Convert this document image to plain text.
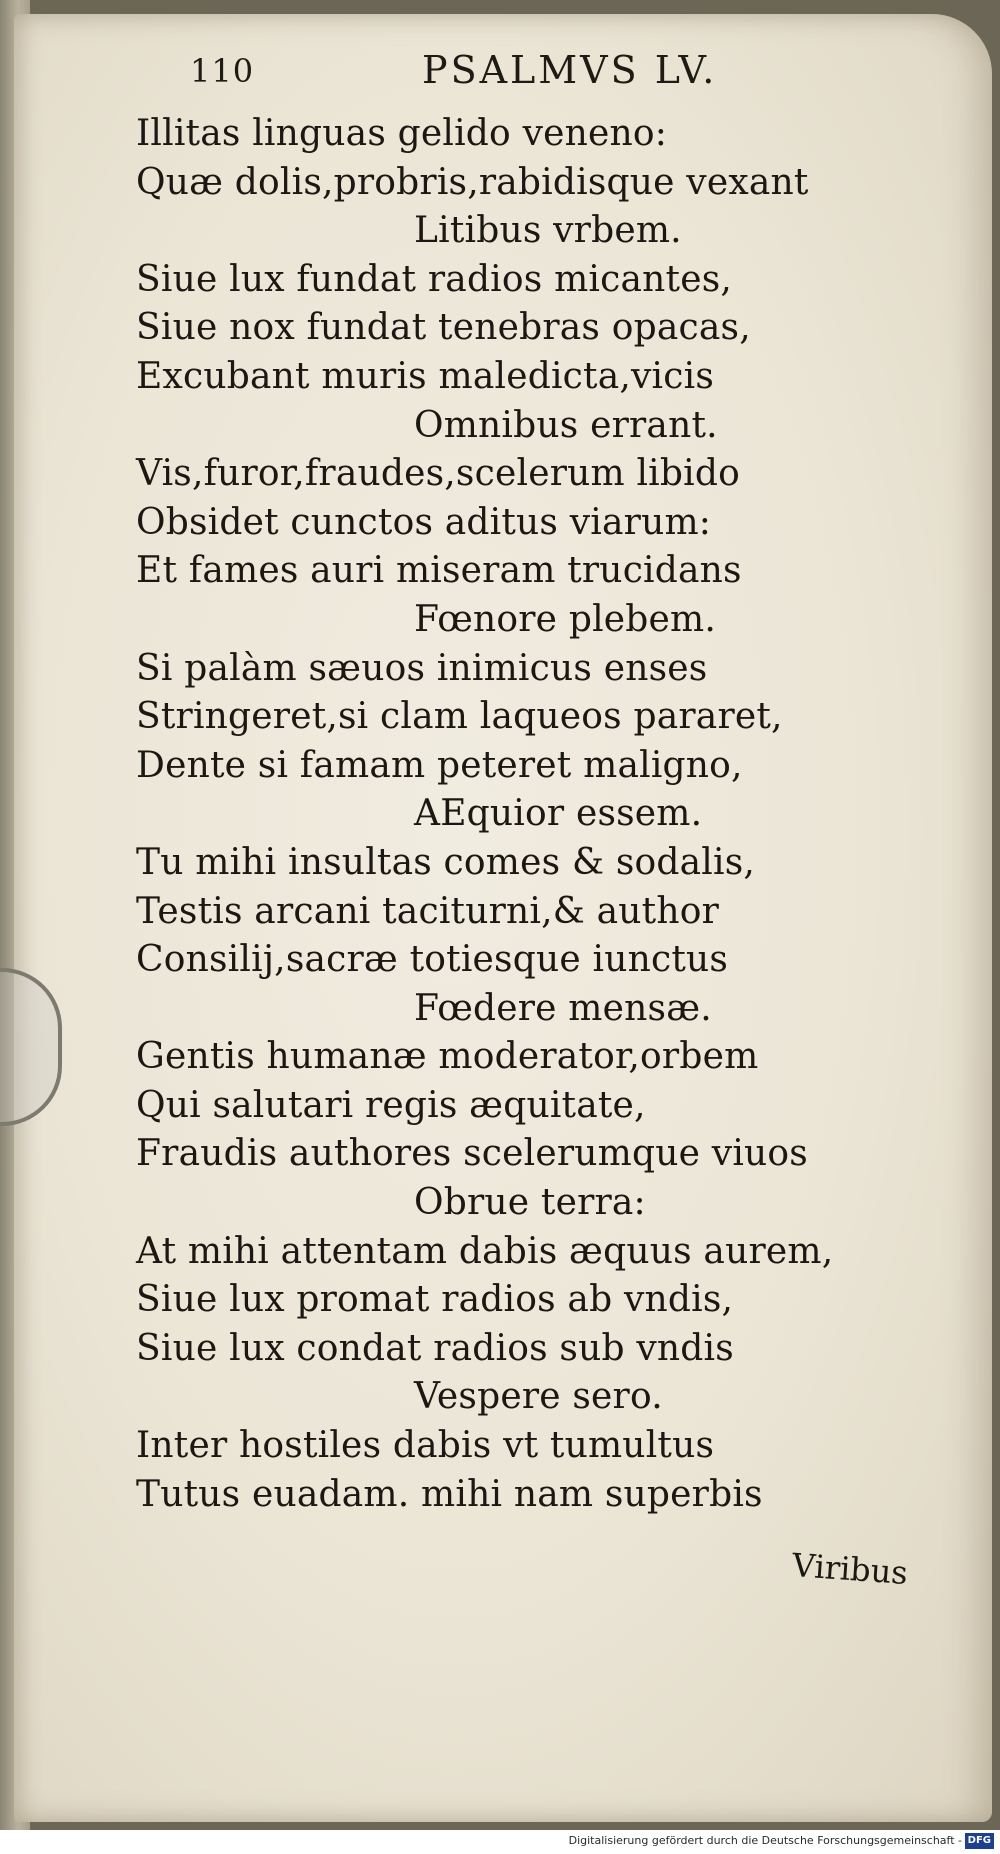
110	PSALMVS LV.
Illitas linguas gelido veneno:
Quæ dolis,probris,rabidisque vexant
Litibus vrbem.
Siue lux fundat radios micantes,
Siue nox fundat tenebras opacas,
Excubant muris maledicta,vicis
Omnibus errant.
Vis,furor,fraudes,scelerum libido
Obsidet cunctos aditus viarum:
Et fames auri miseram trucidans
Fœnore plebem.
Si palàm sæuos inimicus enses
Stringeret,si clam laqueos pararet,
Dente si famam peteret maligno,
AEquior essem.
Tu mihi insultas comes & sodalis,
Testis arcani taciturni,& author
Consilij,sacræ totiesque iunctus
Fœdere mensæ.
Gentis humanæ moderator,orbem
Qui salutari regis æquitate,
Fraudis authores scelerumque viuos
Obrue terra:
At mihi attentam dabis æquus aurem,
Siue lux promat radios ab vndis,
Siue lux condat radios sub vndis
Vespere sero.
Inter hostiles dabis vt tumultus
Tutus euadam. mihi nam superbis
Viribus
Digitalisierung gefördert durch die Deutsche Forschungsgemeinschaft - DFG
